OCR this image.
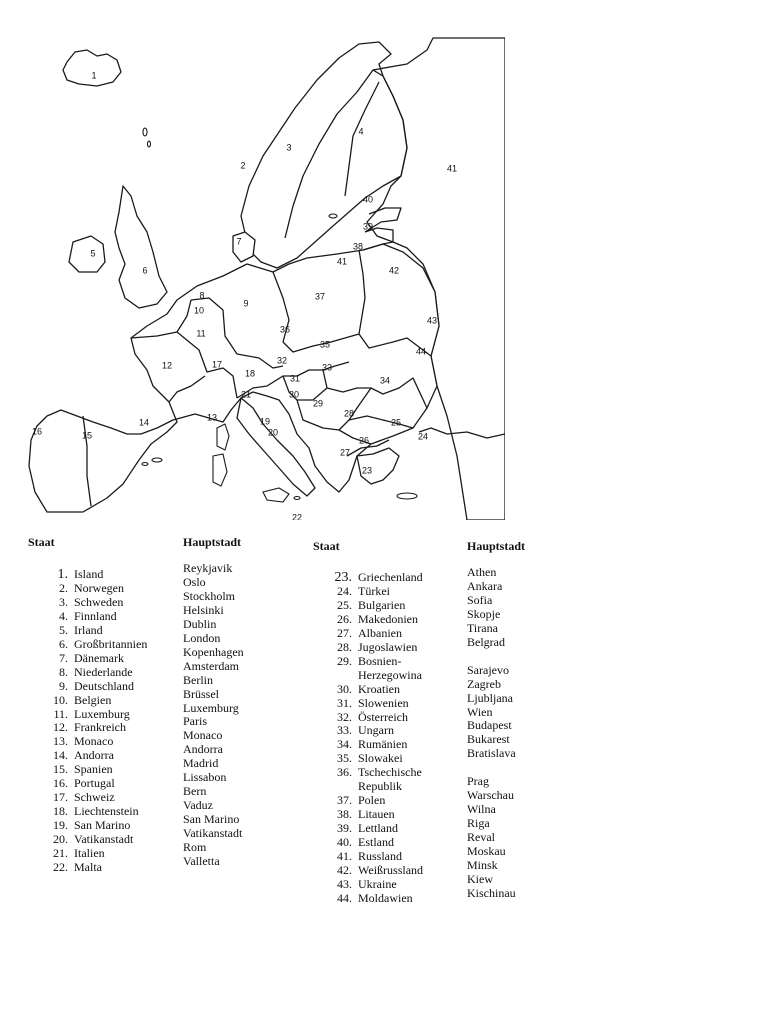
1
2
3
4
5
6
7
8
9
10
11
12
13
14
15
16
17
18
19
20
21
22
23
24
25
26
27
28
29
30
31
32
33
34
35
36
37
38
39
40
41
41
42
43
44
Staat	Hauptstadt
1. Island
2. Norwegen
3. Schweden
4. Finnland
5. Irland
6. Großbritannien
7. Dänemark
8. Niederlande
9. Deutschland
10. Belgien
11. Luxemburg
12. Frankreich
13. Monaco
14. Andorra
15. Spanien
16. Portugal
17. Schweiz
18. Liechtenstein
19. San Marino
20. Vatikanstadt
21. Italien
22. Malta
Reykjavik
Oslo
Stockholm
Helsinki
Dublin
London
Kopenhagen
Amsterdam
Berlin
Brüssel
Luxemburg
Paris
Monaco
Andorra
Madrid
Lissabon
Bern
Vaduz
San Marino
Vatikanstadt
Rom
Valletta
Staat	Hauptstadt
23. Griechenland
24. Türkei
25. Bulgarien
26. Makedonien
27. Albanien
28. Jugoslawien
29. Bosnien-
Herzegowina
30. Kroatien
31. Slowenien
32. Österreich
33. Ungarn
34. Rumänien
35. Slowakei
36. Tschechische
Republik
37. Polen
38. Litauen
39. Lettland
40. Estland
41. Russland
42. Weißrussland
43. Ukraine
44. Moldawien
Athen
Ankara
Sofia
Skopje
Tirana
Belgrad
Sarajevo
Zagreb
Ljubljana
Wien
Budapest
Bukarest
Bratislava
Prag
Warschau
Wilna
Riga
Reval
Moskau
Minsk
Kiew
Kischinau
